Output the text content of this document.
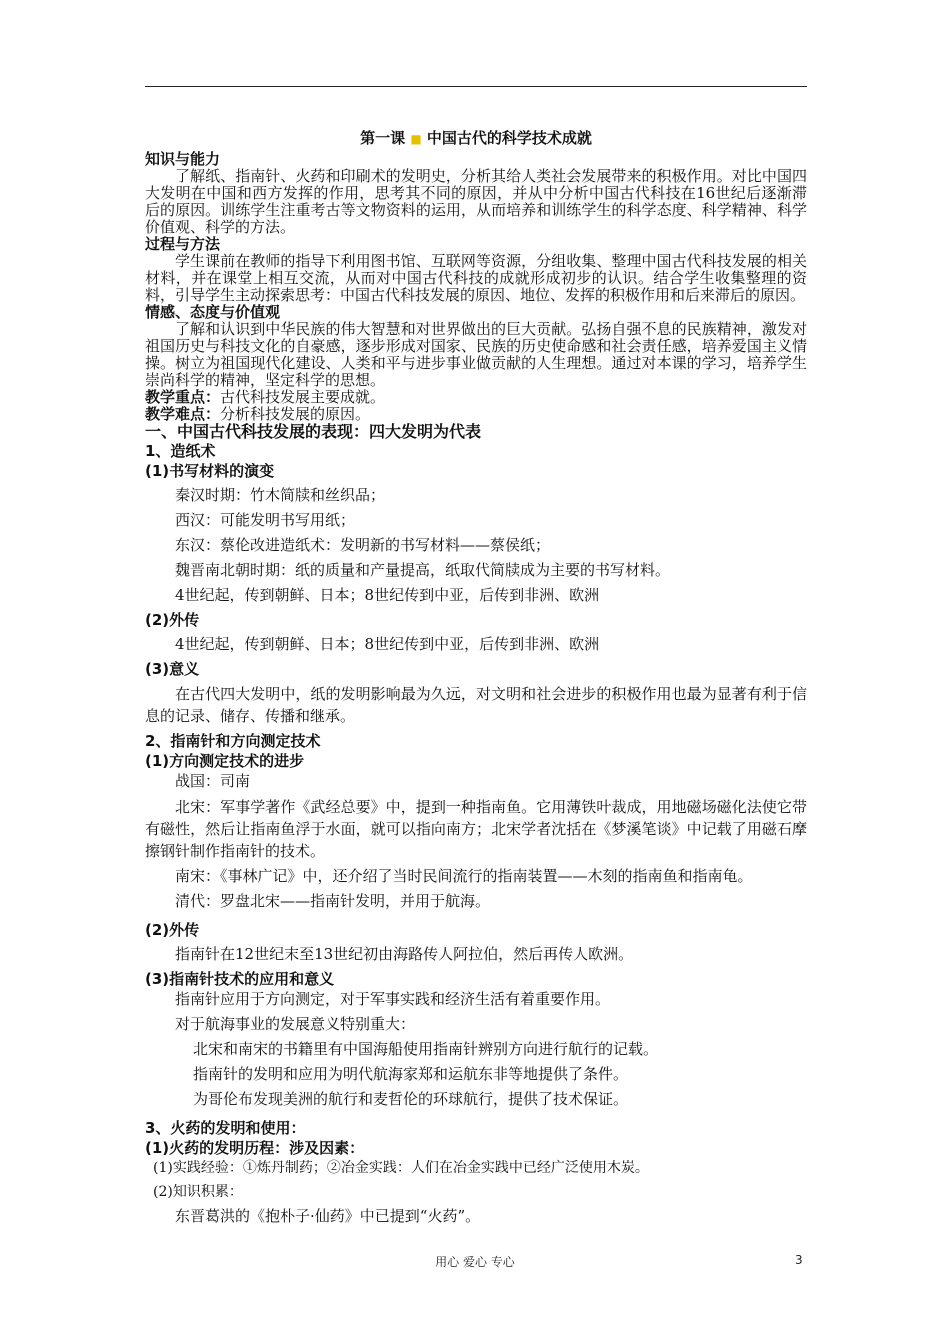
第一课 ■ 中国古代的科学技术成就

知识与能力

了解纸、指南针、火药和印刷术的发明史，分析其给人类社会发展带来的积极作用。对比中国四大发明在中国和西方发挥的作用，思考其不同的原因，并从中分析中国古代科技在16世纪后逐渐滞后的原因。训练学生注重考古等文物资料的运用，从而培养和训练学生的科学态度、科学精神、科学价值观、科学的方法。

过程与方法

学生课前在教师的指导下利用图书馆、互联网等资源，分组收集、整理中国古代科技发展的相关材料，并在课堂上相互交流，从而对中国古代科技的成就形成初步的认识。结合学生收集整理的资料，引导学生主动探索思考：中国古代科技发展的原因、地位、发挥的积极作用和后来滞后的原因。

情感、态度与价值观

了解和认识到中华民族的伟大智慧和对世界做出的巨大贡献。弘扬自强不息的民族精神，激发对祖国历史与科技文化的自豪感，逐步形成对国家、民族的历史使命感和社会责任感，培养爱国主义情操。树立为祖国现代化建设、人类和平与进步事业做贡献的人生理想。通过对本课的学习，培养学生崇尚科学的精神，坚定科学的思想。

教学重点：古代科技发展主要成就。

教学难点：分析科技发展的原因。

一、中国古代科技发展的表现：四大发明为代表

1、造纸术

(1)书写材料的演变

秦汉时期：竹木简牍和丝织品；

西汉：可能发明书写用纸；

东汉：蔡伦改进造纸术：发明新的书写材料——蔡侯纸；

魏晋南北朝时期：纸的质量和产量提高，纸取代简牍成为主要的书写材料。

4世纪起，传到朝鲜、日本；8世纪传到中亚，后传到非洲、欧洲

(2)外传

4世纪起，传到朝鲜、日本；8世纪传到中亚，后传到非洲、欧洲

(3)意义

在古代四大发明中，纸的发明影响最为久远，对文明和社会进步的积极作用也最为显著有利于信息的记录、储存、传播和继承。

2、指南针和方向测定技术

(1)方向测定技术的进步

战国：司南

北宋：军事学著作《武经总要》中，提到一种指南鱼。它用薄铁叶裁成，用地磁场磁化法使它带有磁性，然后让指南鱼浮于水面，就可以指向南方；北宋学者沈括在《梦溪笔谈》中记载了用磁石摩擦钢针制作指南针的技术。

南宋：《事林广记》中，还介绍了当时民间流行的指南装置——木刻的指南鱼和指南龟。

清代：罗盘北宋——指南针发明，并用于航海。

(2)外传

指南针在12世纪末至13世纪初由海路传人阿拉伯，然后再传人欧洲。

(3)指南针技术的应用和意义

指南针应用于方向测定，对于军事实践和经济生活有着重要作用。

对于航海事业的发展意义特别重大：

北宋和南宋的书籍里有中国海船使用指南针辨别方向进行航行的记载。

指南针的发明和应用为明代航海家郑和运航东非等地提供了条件。

为哥伦布发现美洲的航行和麦哲伦的环球航行，提供了技术保证。

3、火药的发明和使用：

(1)火药的发明历程：涉及因素：

(1)实践经验：①炼丹制药；②冶金实践：人们在冶金实践中已经广泛使用木炭。

(2)知识积累：

东晋葛洪的《抱朴子·仙药》中已提到“火药”。

用心 爱心 专心	3
